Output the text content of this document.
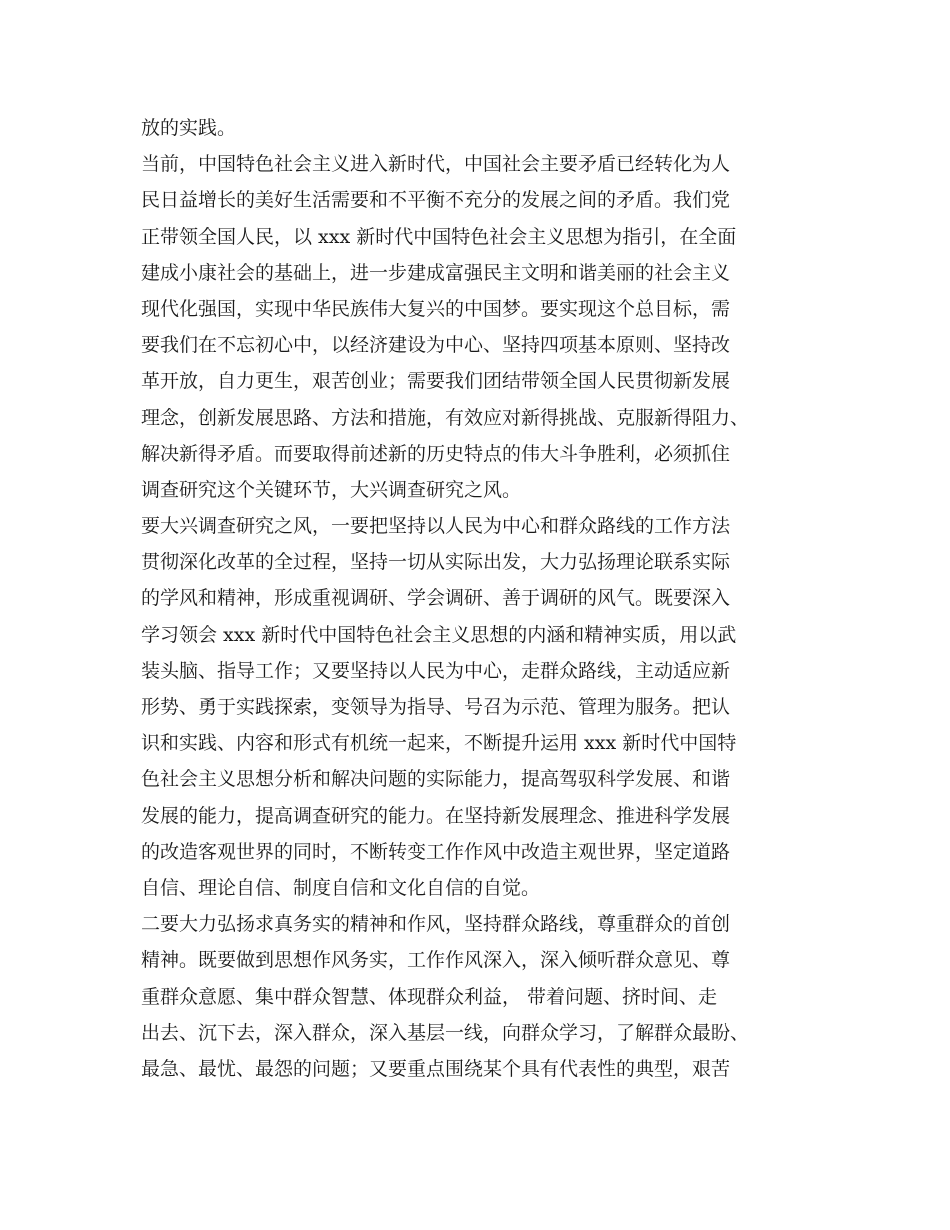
放的实践。
当前，中国特色社会主义进入新时代，中国社会主要矛盾已经转化为人
民日益增长的美好生活需要和不平衡不充分的发展之间的矛盾。我们党
正带领全国人民，以 xxx 新时代中国特色社会主义思想为指引，在全面
建成小康社会的基础上，进一步建成富强民主文明和谐美丽的社会主义
现代化强国，实现中华民族伟大复兴的中国梦。要实现这个总目标，需
要我们在不忘初心中，以经济建设为中心、坚持四项基本原则、坚持改
革开放，自力更生，艰苦创业；需要我们团结带领全国人民贯彻新发展
理念，创新发展思路、方法和措施，有效应对新得挑战、克服新得阻力、
解决新得矛盾。而要取得前述新的历史特点的伟大斗争胜利，必须抓住
调查研究这个关键环节，大兴调查研究之风。
要大兴调查研究之风，一要把坚持以人民为中心和群众路线的工作方法
贯彻深化改革的全过程，坚持一切从实际出发，大力弘扬理论联系实际
的学风和精神，形成重视调研、学会调研、善于调研的风气。既要深入
学习领会 xxx 新时代中国特色社会主义思想的内涵和精神实质，用以武
装头脑、指导工作；又要坚持以人民为中心，走群众路线，主动适应新
形势、勇于实践探索，变领导为指导、号召为示范、管理为服务。把认
识和实践、内容和形式有机统一起来，不断提升运用 xxx 新时代中国特
色社会主义思想分析和解决问题的实际能力，提高驾驭科学发展、和谐
发展的能力，提高调查研究的能力。在坚持新发展理念、推进科学发展
的改造客观世界的同时，不断转变工作作风中改造主观世界，坚定道路
自信、理论自信、制度自信和文化自信的自觉。
二要大力弘扬求真务实的精神和作风，坚持群众路线，尊重群众的首创
精神。既要做到思想作风务实，工作作风深入，深入倾听群众意见、尊
重群众意愿、集中群众智慧、体现群众利益， 带着问题、挤时间、走
出去、沉下去，深入群众，深入基层一线，向群众学习，了解群众最盼、
最急、最忧、最怨的问题；又要重点围绕某个具有代表性的典型，艰苦
